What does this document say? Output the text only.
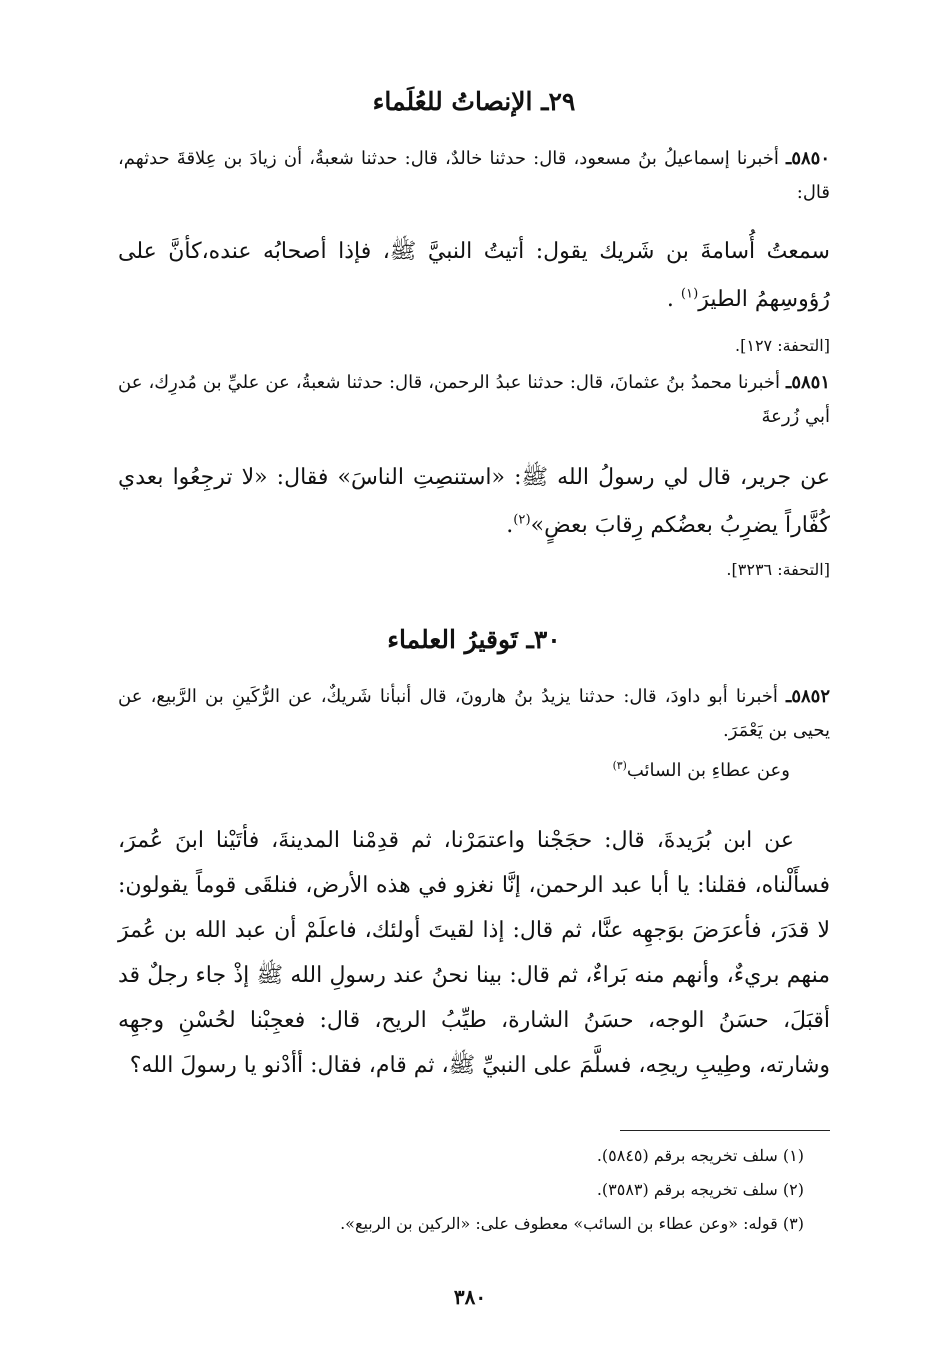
٢٩ـ الإنصاتُ للعُلَماء

٥٨٥٠ـ أخبرنا إسماعيلُ بنُ مسعود، قال: حدثنا خالدٌ، قال: حدثنا شعبةُ، أن زيادَ بن عِلاقةَ حدثهم، قال:

سمعتُ أُسامةَ بن شَريك يقول: أتيتُ النبيَّ ﷺ، فإذا أصحابُه عنده،كأنَّ على رُؤوسِهمُ الطيرَ$^{(١)}$ .

[التحفة: ١٢٧].

٥٨٥١ـ أخبرنا محمدُ بنُ عثمانَ، قال: حدثنا عبدُ الرحمن، قال: حدثنا شعبةُ، عن عليِّ بن مُدرِك، عن أبي زُرعةَ

عن جرير، قال لي رسولُ الله ﷺ: «استنصِتِ الناسَ» فقال: «لا ترجِعُوا بعدي كُفَّاراً يضرِبُ بعضُكم رِقابَ بعضٍ»$^{(٢)}$.

[التحفة: ٣٢٣٦].

٣٠ـ تَوقيرُ العلماء

٥٨٥٢ـ أخبرنا أبو داودَ، قال: حدثنا يزيدُ بنُ هارونَ، قال أنبأنا شَريكٌ، عن الرُّكَينِ بن الرَّبيع، عن يحيى بن يَعْمَرَ.

وعن عطاءِ بن السائب$^{(٣)}$

عن ابن بُرَيدةَ، قال: حجَجْنا واعتمَرْنا، ثم قدِمْنا المدينةَ، فأتَيْنا ابنَ عُمرَ، فسأَلْناه، فقلنا: يا أبا عبد الرحمن، إنَّا نغزو في هذه الأرض، فنلقَى قوماً يقولون: لا قدَرَ، فأعرَضَ بوَجهِه عنَّا، ثم قال: إذا لقيتَ أولئك، فاعلَمْ أن عبد الله بن عُمرَ منهم بريءٌ، وأنهم منه بَراءٌ، ثم قال: بينا نحنُ عند رسولِ الله ﷺ إذْ جاء رجلٌ قد أقبَلَ، حسَنُ الوجه، حسَنُ الشارة، طيِّبُ الريح، قال: فعجِبْنا لحُسْنِ وجهِه وشارته، وطِيبِ ريحِه، فسلَّمَ على النبيِّ ﷺ، ثم قام، فقال: أأدْنو يا رسولَ الله؟

(١) سلف تخريجه برقم (٥٨٤٥).

(٢) سلف تخريجه برقم (٣٥٨٣).

(٣) قوله: «وعن عطاء بن السائب» معطوف على: «الركين بن الربيع».

٣٨٠
